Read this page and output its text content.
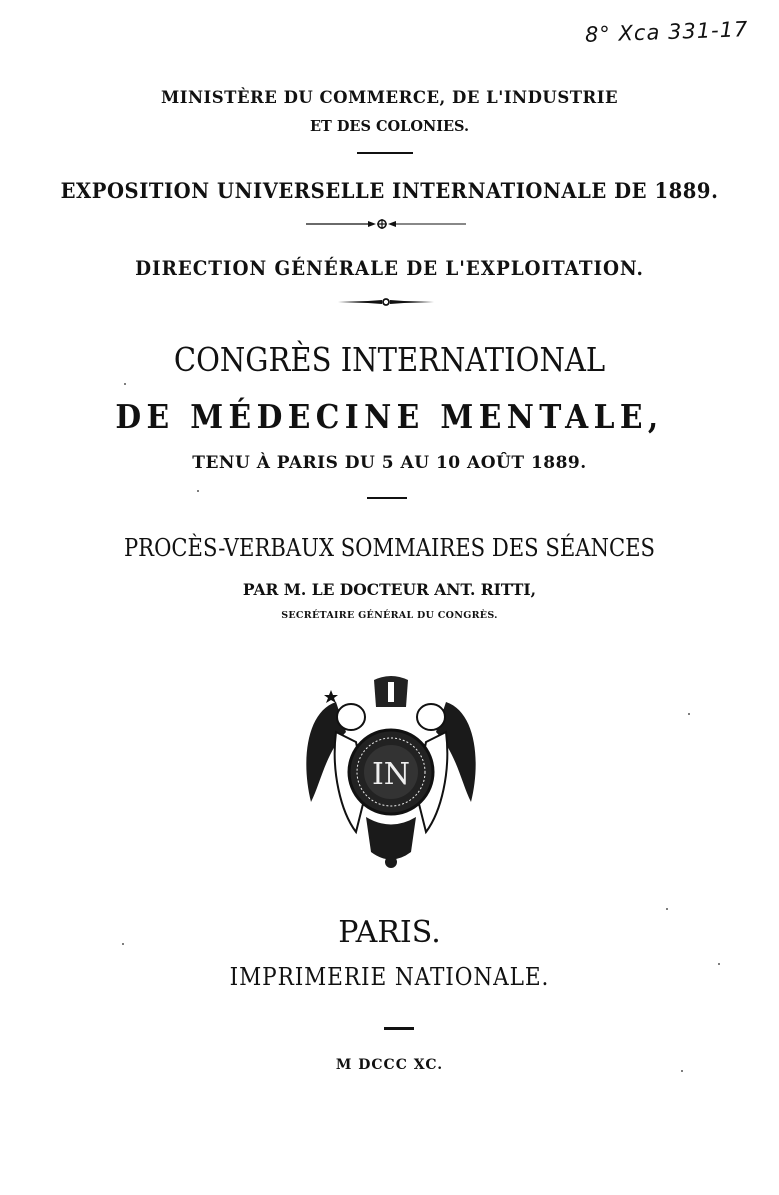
8° Xca 331-17
MINISTÈRE DU COMMERCE, DE L'INDUSTRIE
ET DES COLONIES.
EXPOSITION UNIVERSELLE INTERNATIONALE DE 1889.
DIRECTION GÉNÉRALE DE L'EXPLOITATION.
CONGRÈS INTERNATIONAL
DE MÉDECINE MENTALE,
TENU À PARIS DU 5 AU 10 AOÛT 1889.
PROCÈS-VERBAUX SOMMAIRES DES SÉANCES
PAR M. LE DOCTEUR ANT. RITTI,
SECRÉTAIRE GÉNÉRAL DU CONGRÈS.
IN
PARIS.
IMPRIMERIE NATIONALE.
M DCCC XC.
